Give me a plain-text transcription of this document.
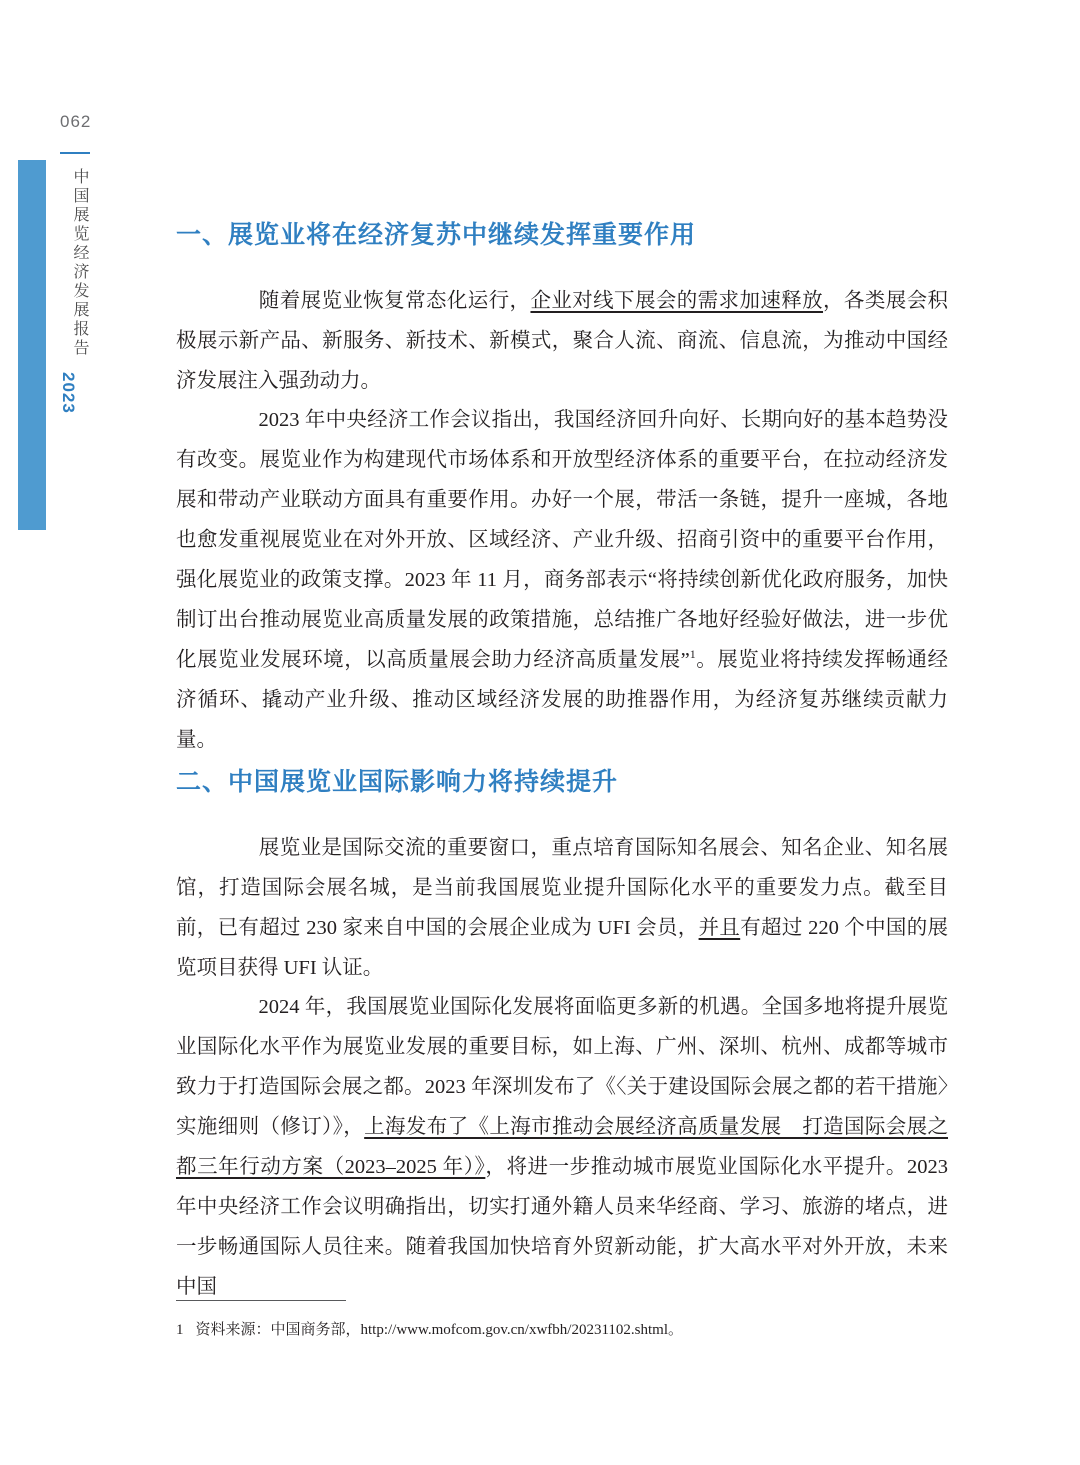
062
中国展览经济发展报告
2023
一、展览业将在经济复苏中继续发挥重要作用

　　随着展览业恢复常态化运行，企业对线下展会的需求加速释放，各类展会积极展示新产品、新服务、新技术、新模式，聚合人流、商流、信息流，为推动中国经济发展注入强劲动力。

　　2023 年中央经济工作会议指出，我国经济回升向好、长期向好的基本趋势没有改变。展览业作为构建现代市场体系和开放型经济体系的重要平台，在拉动经济发展和带动产业联动方面具有重要作用。办好一个展，带活一条链，提升一座城，各地也愈发重视展览业在对外开放、区域经济、产业升级、招商引资中的重要平台作用，强化展览业的政策支撑。2023 年 11 月，商务部表示“将持续创新优化政府服务，加快制订出台推动展览业高质量发展的政策措施，总结推广各地好经验好做法，进一步优化展览业发展环境，以高质量展会助力经济高质量发展”$^1$。展览业将持续发挥畅通经济循环、撬动产业升级、推动区域经济发展的助推器作用，为经济复苏继续贡献力量。

二、中国展览业国际影响力将持续提升

　　展览业是国际交流的重要窗口，重点培育国际知名展会、知名企业、知名展馆，打造国际会展名城，是当前我国展览业提升国际化水平的重要发力点。截至目前，已有超过 230 家来自中国的会展企业成为 UFI 会员，并且有超过 220 个中国的展览项目获得 UFI 认证。

　　2024 年，我国展览业国际化发展将面临更多新的机遇。全国多地将提升展览业国际化水平作为展览业发展的重要目标，如上海、广州、深圳、杭州、成都等城市致力于打造国际会展之都。2023 年深圳发布了《〈关于建设国际会展之都的若干措施〉实施细则（修订）》，上海发布了《上海市推动会展经济高质量发展　打造国际会展之都三年行动方案（2023–2025 年）》，将进一步推动城市展览业国际化水平提升。2023 年中央经济工作会议明确指出，切实打通外籍人员来华经商、学习、旅游的堵点，进一步畅通国际人员往来。随着我国加快培育外贸新动能，扩大高水平对外开放，未来中国

1 资料来源：中国商务部，http://www.mofcom.gov.cn/xwfbh/20231102.shtml。
